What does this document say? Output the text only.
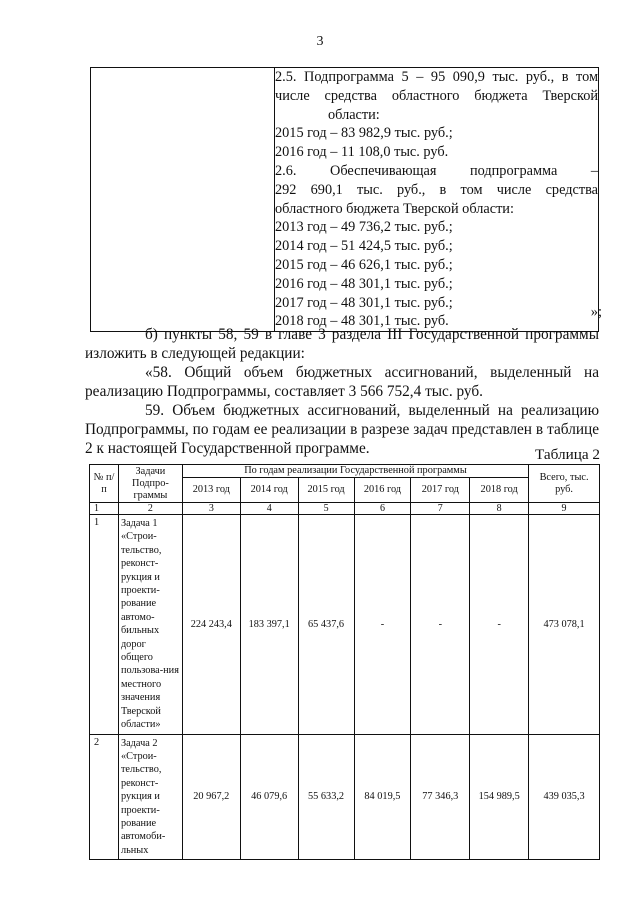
3

2.5. Подпрограмма 5 – 95 090,9 тыс. руб., в том
числе средства областного бюджета Тверской
области:
2015 год – 83 982,9 тыс. руб.;
2016 год – 11 108,0 тыс. руб.
2.6. Обеспечивающая подпрограмма –
292 690,1 тыс. руб., в том числе средства
областного бюджета Тверской области:
2013 год – 49 736,2 тыс. руб.;
2014 год – 51 424,5 тыс. руб.;
2015 год – 46 626,1 тыс. руб.;
2016 год – 48 301,1 тыс. руб.;
2017 год – 48 301,1 тыс. руб.;
2018 год – 48 301,1 тыс. руб.
»;

б) пункты 58, 59 в главе 3 раздела III Государственной программы изложить в следующей редакции:

«58. Общий объем бюджетных ассигнований, выделенный на реализацию Подпрограммы, составляет 3 566 752,4 тыс. руб.

59. Объем бюджетных ассигнований, выделенный на реализацию Подпрограммы, по годам ее реализации в разрезе задач представлен в таблице 2 к настоящей Государственной программе.	Таблица 2
№ п/п	Задачи Подпро-граммы	По годам реализации Государственной программы						Всего, тыс. руб.
		2013 год	2014 год	2015 год	2016 год	2017 год	2018 год	
1	2	3	4	5	6	7	8	9
1	Задача 1 «Строи-тельство, реконст-рукция и проекти-рование автомо-бильных дорог общего пользова-ния местного значения Тверской области»	224 243,4	183 397,1	65 437,6	-	-	-	473 078,1
2	Задача 2 «Строи-тельство, реконст-рукция и проекти-рование автомоби-льных	20 967,2	46 079,6	55 633,2	84 019,5	77 346,3	154 989,5	439 035,3
